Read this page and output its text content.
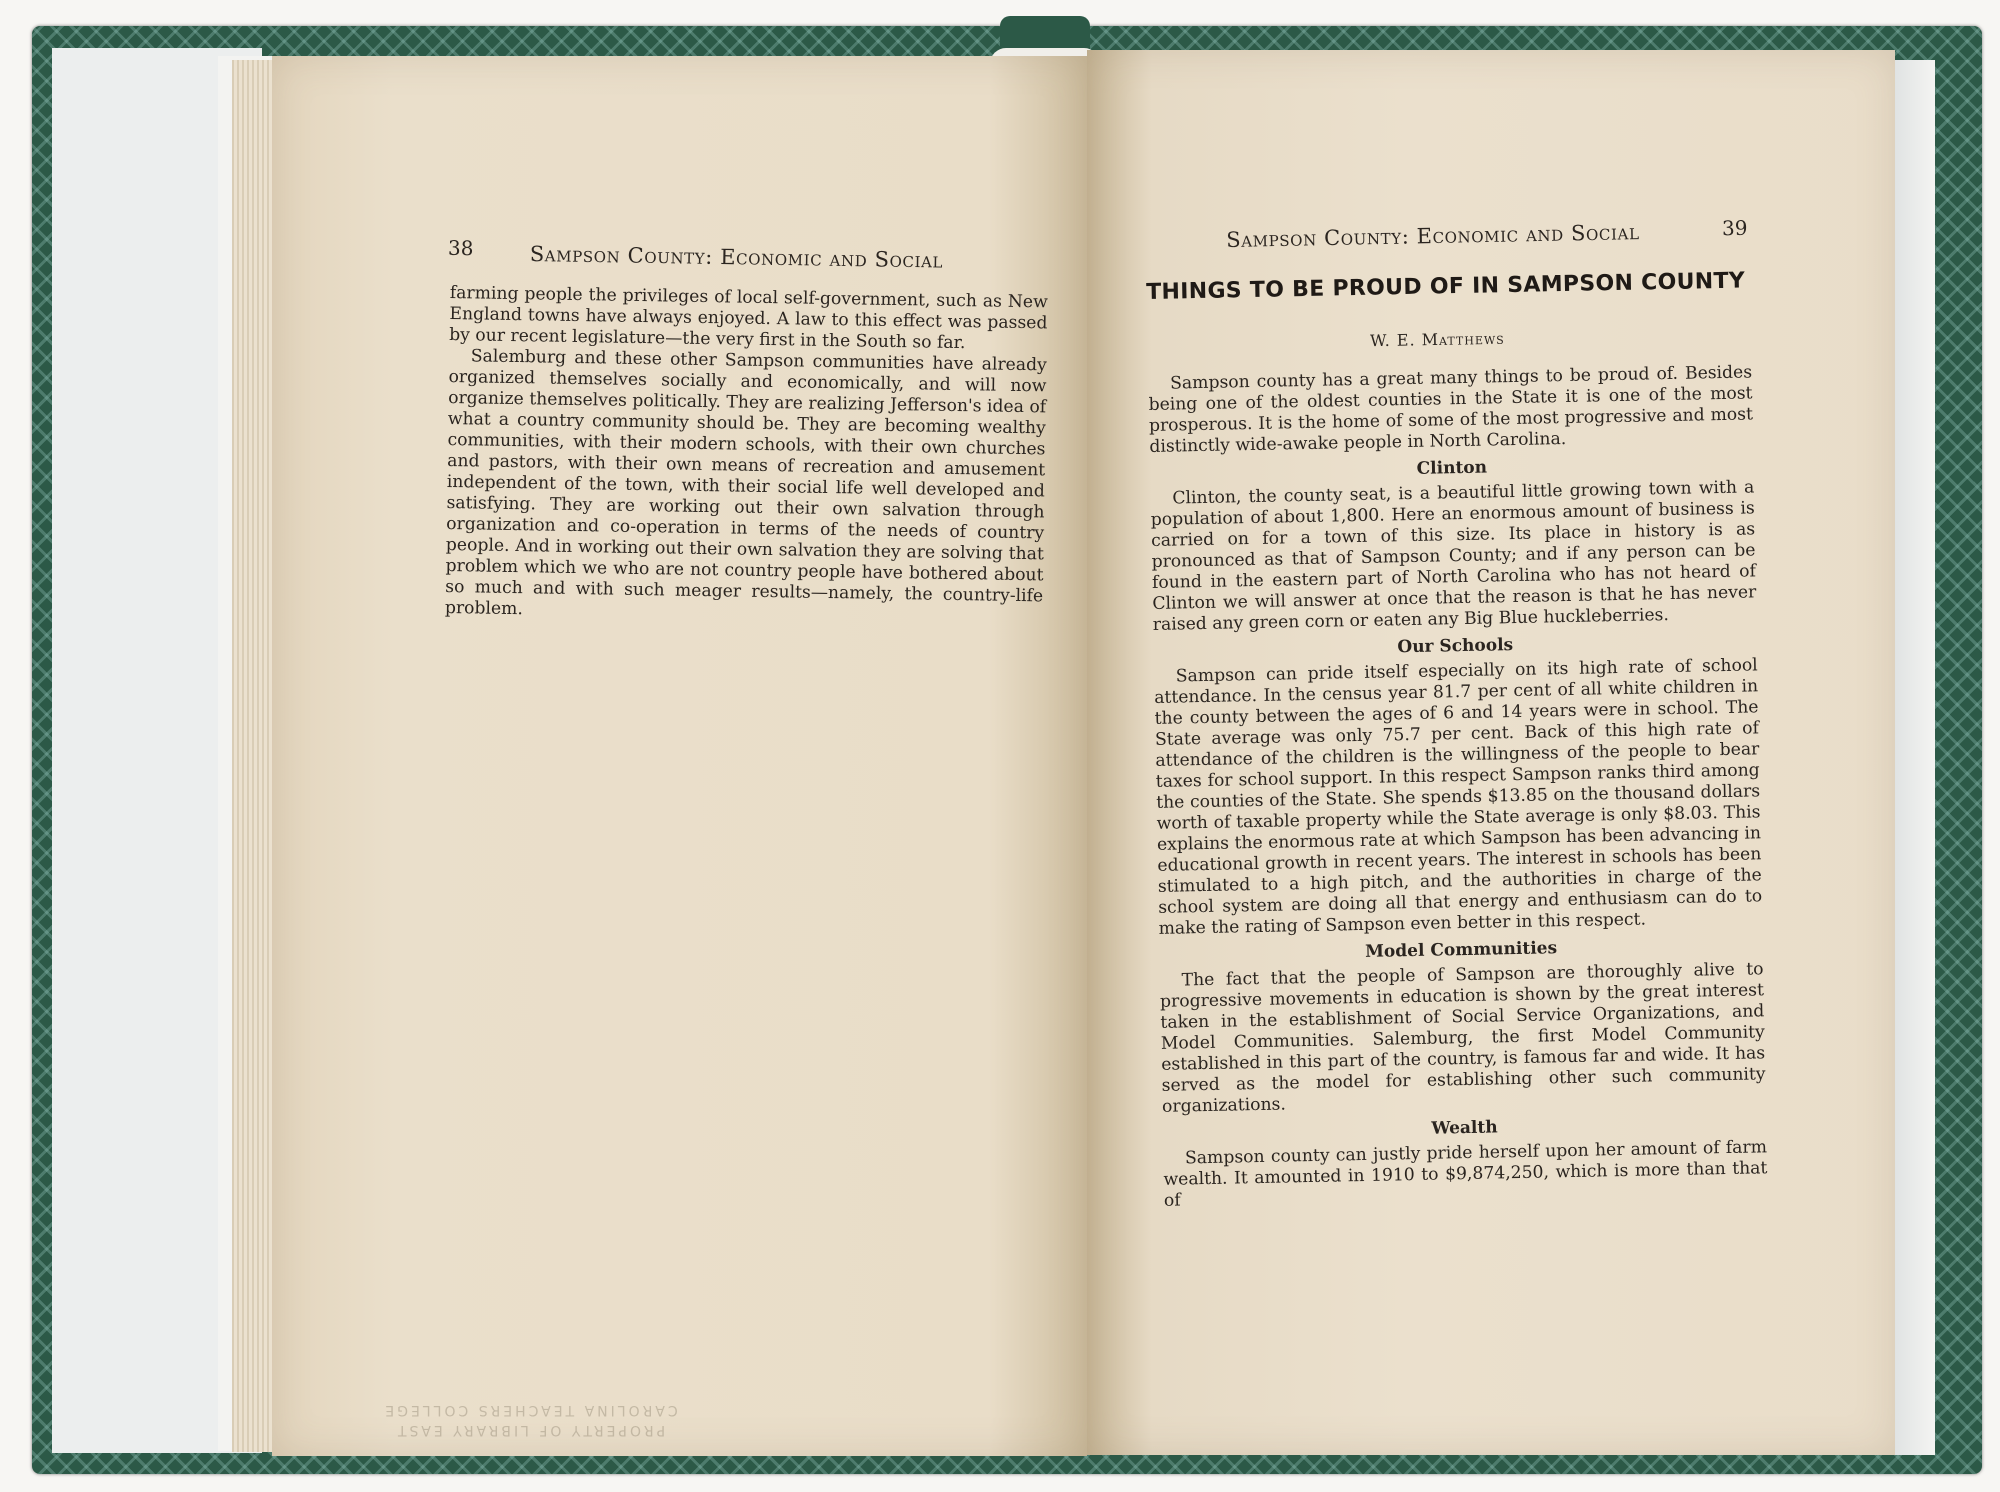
38	Sampson County: Economic and Social

farming people the privileges of local self-government, such as New England towns have always enjoyed. A law to this effect was passed by our recent legislature—the very first in the South so far.

Salemburg and these other Sampson communities have already organized themselves socially and economically, and will now organize themselves politically. They are realizing Jefferson's idea of what a country community should be. They are becoming wealthy communities, with their modern schools, with their own churches and pastors, with their own means of recreation and amusement independent of the town, with their social life well developed and satisfying. They are working out their own salvation through organization and co-operation in terms of the needs of country people. And in working out their own salvation they are solving that problem which we who are not country people have bothered about so much and with such meager results—namely, the country-life problem.

PROPERTY OF LIBRARY EAST CAROLINA TEACHERS COLLEGE
Sampson County: Economic and Social	39
THINGS TO BE PROUD OF IN SAMPSON COUNTY
W. E. Matthews

Sampson county has a great many things to be proud of. Besides being one of the oldest counties in the State it is one of the most prosperous. It is the home of some of the most progressive and most distinctly wide-awake people in North Carolina.

Clinton

Clinton, the county seat, is a beautiful little growing town with a population of about 1,800. Here an enormous amount of business is carried on for a town of this size. Its place in history is as pronounced as that of Sampson County; and if any person can be found in the eastern part of North Carolina who has not heard of Clinton we will answer at once that the reason is that he has never raised any green corn or eaten any Big Blue huckleberries.

Our Schools

Sampson can pride itself especially on its high rate of school attendance. In the census year 81.7 per cent of all white children in the county between the ages of 6 and 14 years were in school. The State average was only 75.7 per cent. Back of this high rate of attendance of the children is the willingness of the people to bear taxes for school support. In this respect Sampson ranks third among the counties of the State. She spends $13.85 on the thousand dollars worth of taxable property while the State average is only $8.03. This explains the enormous rate at which Sampson has been advancing in educational growth in recent years. The interest in schools has been stimulated to a high pitch, and the authorities in charge of the school system are doing all that energy and enthusiasm can do to make the rating of Sampson even better in this respect.

Model Communities

The fact that the people of Sampson are thoroughly alive to progressive movements in education is shown by the great interest taken in the establishment of Social Service Organizations, and Model Communities. Salemburg, the first Model Community established in this part of the country, is famous far and wide. It has served as the model for establishing other such community organizations.

Wealth

Sampson county can justly pride herself upon her amount of farm wealth. It amounted in 1910 to $9,874,250, which is more than that of
